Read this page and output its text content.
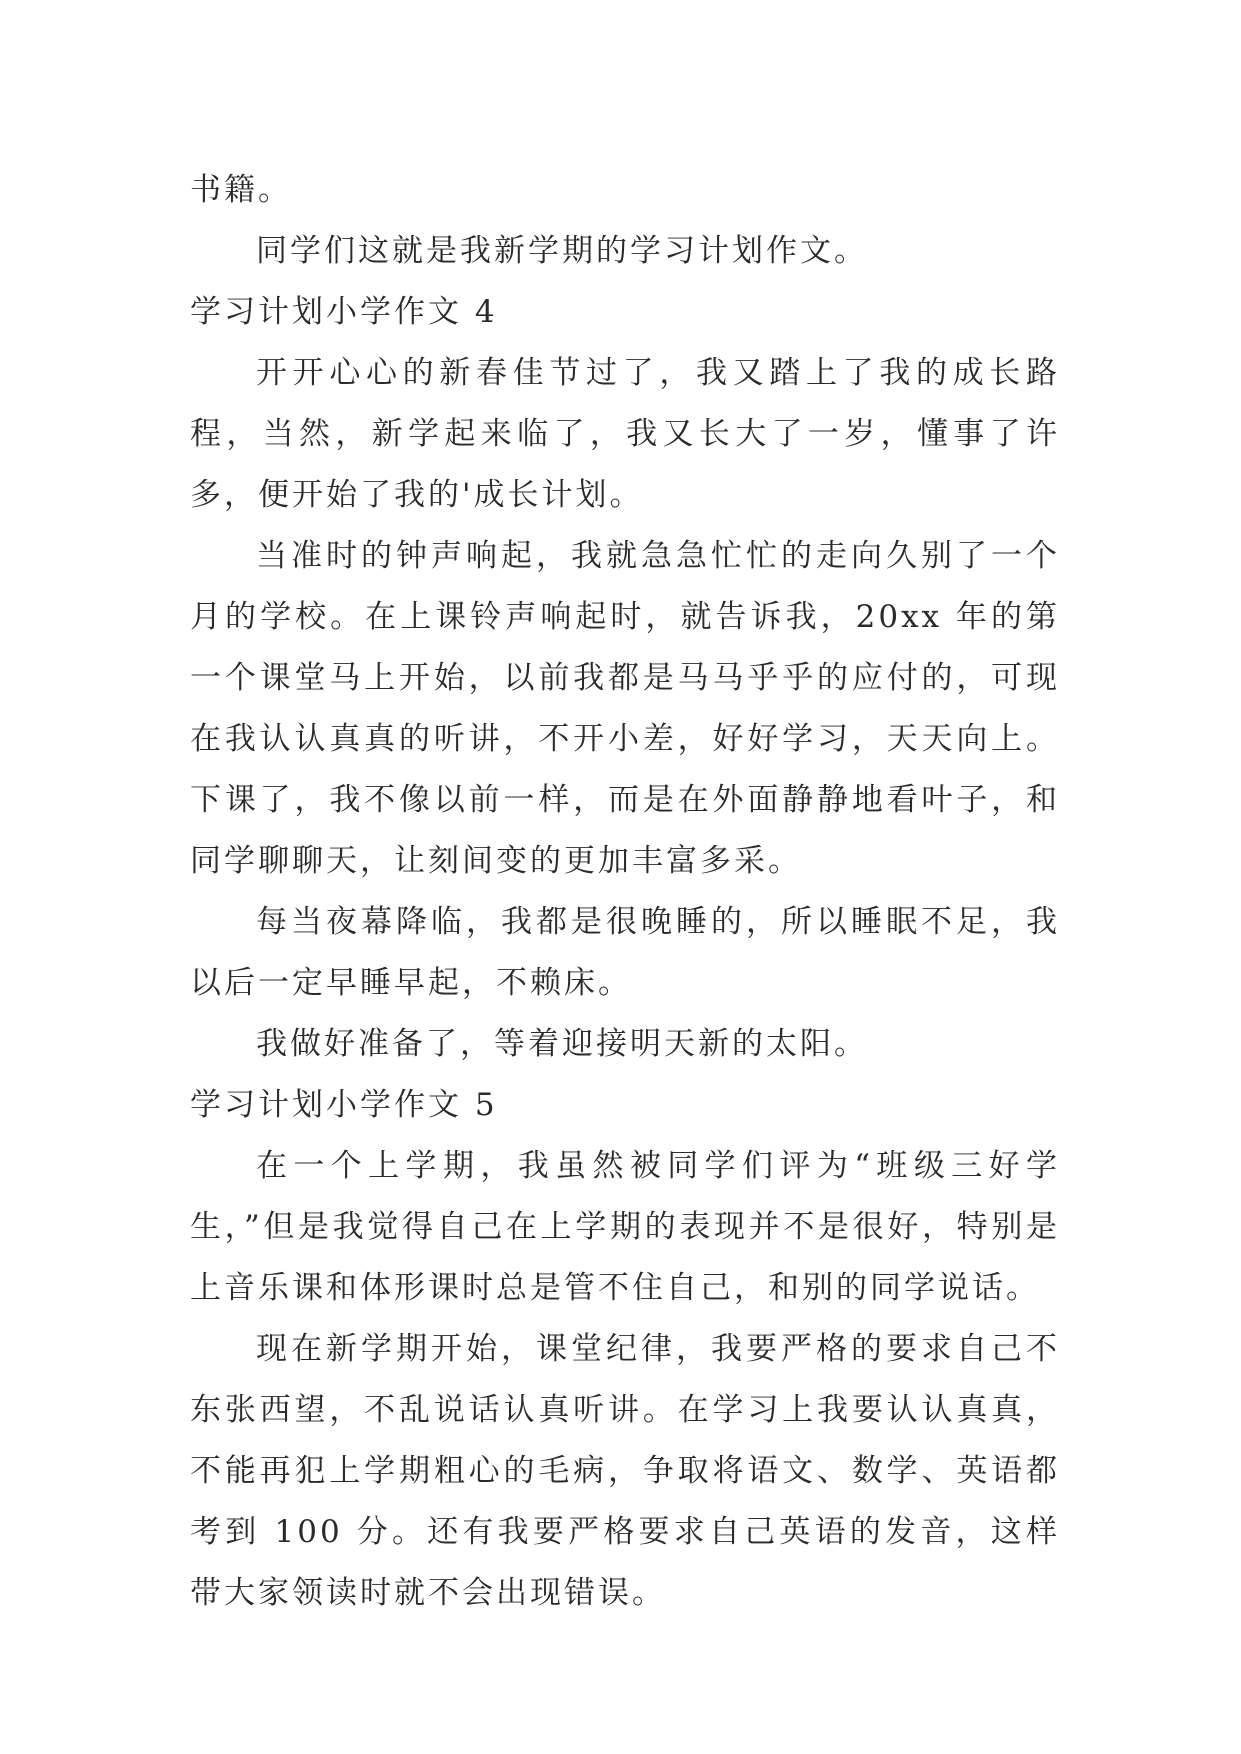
书籍。

同学们这就是我新学期的学习计划作文。

学习计划小学作文 4

开开心心的新春佳节过了，我又踏上了我的成长路程，当然，新学起来临了，我又长大了一岁，懂事了许多，便开始了我的'成长计划。

当准时的钟声响起，我就急急忙忙的走向久别了一个月的学校。在上课铃声响起时，就告诉我，20xx 年的第一个课堂马上开始，以前我都是马马乎乎的应付的，可现在我认认真真的听讲，不开小差，好好学习，天天向上。下课了，我不像以前一样，而是在外面静静地看叶子，和同学聊聊天，让刻间变的更加丰富多采。

每当夜幕降临，我都是很晚睡的，所以睡眠不足，我以后一定早睡早起，不赖床。

我做好准备了，等着迎接明天新的太阳。

学习计划小学作文 5

在一个上学期，我虽然被同学们评为“班级三好学生，”但是我觉得自己在上学期的表现并不是很好，特别是上音乐课和体形课时总是管不住自己，和别的同学说话。

现在新学期开始，课堂纪律，我要严格的要求自己不东张西望，不乱说话认真听讲。在学习上我要认认真真，不能再犯上学期粗心的毛病，争取将语文、数学、英语都考到 100 分。还有我要严格要求自己英语的发音，这样带大家领读时就不会出现错误。
